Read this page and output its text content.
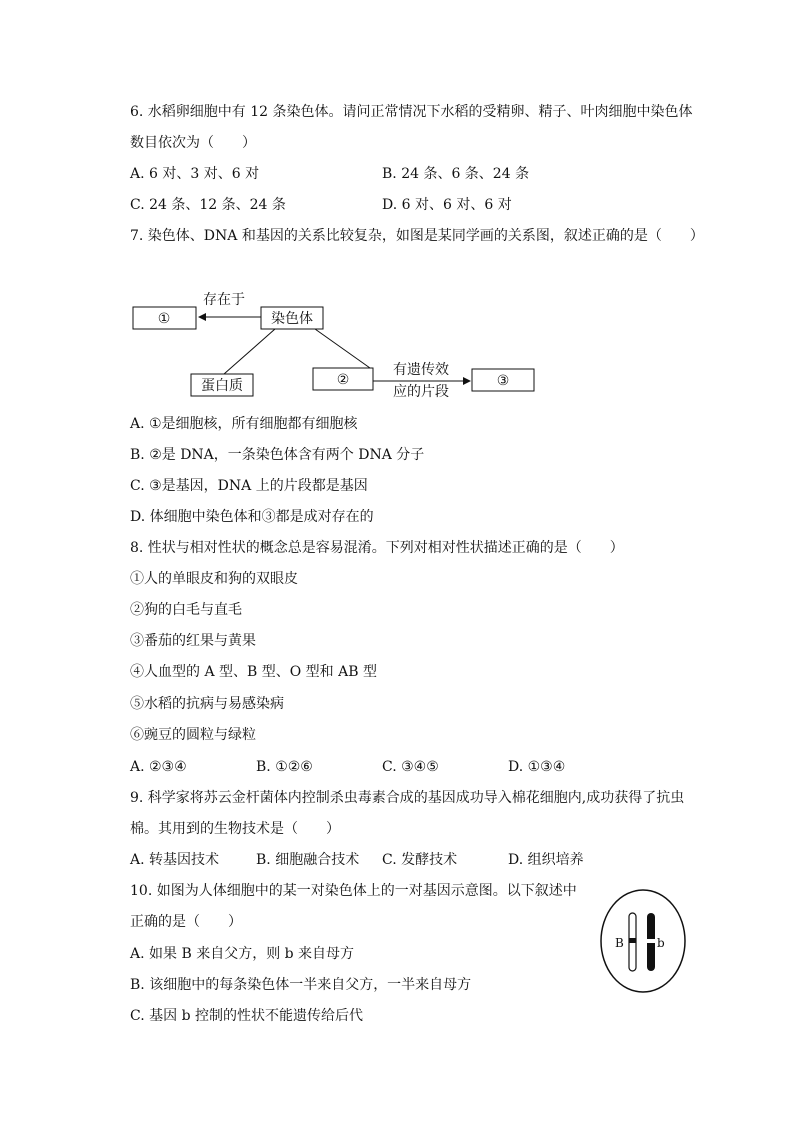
6. 水稻卵细胞中有 12 条染色体。请问正常情况下水稻的受精卵、精子、叶肉细胞中染色体
数目依次为（　　）
A. 6 对、3 对、6 对	B. 24 条、6 条、24 条
C. 24 条、12 条、24 条	D. 6 对、6 对、6 对
7. 染色体、DNA 和基因的关系比较复杂，如图是某同学画的关系图，叙述正确的是（　　）
①	染色体
存在于
蛋白质	②
有遗传效
应的片段
③
A. ①是细胞核，所有细胞都有细胞核
B. ②是 DNA，一条染色体含有两个 DNA 分子
C. ③是基因，DNA 上的片段都是基因
D. 体细胞中染色体和③都是成对存在的
8. 性状与相对性状的概念总是容易混淆。下列对相对性状描述正确的是（　　）
①人的单眼皮和狗的双眼皮
②狗的白毛与直毛
③番茄的红果与黄果
④人血型的 A 型、B 型、O 型和 AB 型
⑤水稻的抗病与易感染病
⑥豌豆的圆粒与绿粒
A. ②③④	B. ①②⑥	C. ③④⑤	D. ①③④
9. 科学家将苏云金杆菌体内控制杀虫毒素合成的基因成功导入棉花细胞内,成功获得了抗虫
棉。其用到的生物技术是（　　）
A. 转基因技术	B. 细胞融合技术 C. 发酵技术	D. 组织培养
10. 如图为人体细胞中的某一对染色体上的一对基因示意图。以下叙述中
正确的是（　　）
B	b
A. 如果 B 来自父方，则 b 来自母方
B. 该细胞中的每条染色体一半来自父方，一半来自母方
C. 基因 b 控制的性状不能遗传给后代
